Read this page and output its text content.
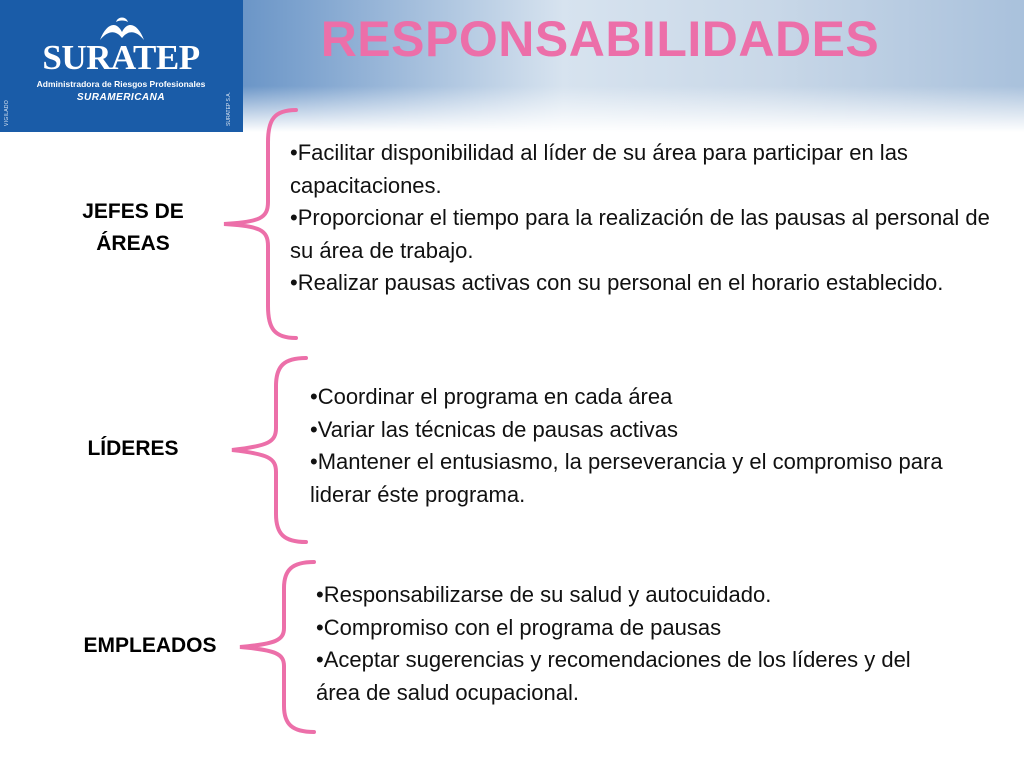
VIGILADO	SURATEP S.A.
SURATEP
Administradora de Riesgos Profesionales
SURAMERICANA
RESPONSABILIDADES
JEFES DE ÁREAS
•Facilitar disponibilidad al líder de su área para participar en las capacitaciones.
•Proporcionar el tiempo para la realización de las pausas al personal de su área de trabajo.
•Realizar pausas activas con su personal en el horario establecido.
LÍDERES
•Coordinar el programa en cada área
•Variar las técnicas de pausas activas
•Mantener el entusiasmo, la perseverancia y el compromiso para liderar éste programa.
EMPLEADOS
•Responsabilizarse de su salud y autocuidado.
•Compromiso con el programa de pausas
•Aceptar sugerencias y recomendaciones de los líderes y del área de salud ocupacional.
